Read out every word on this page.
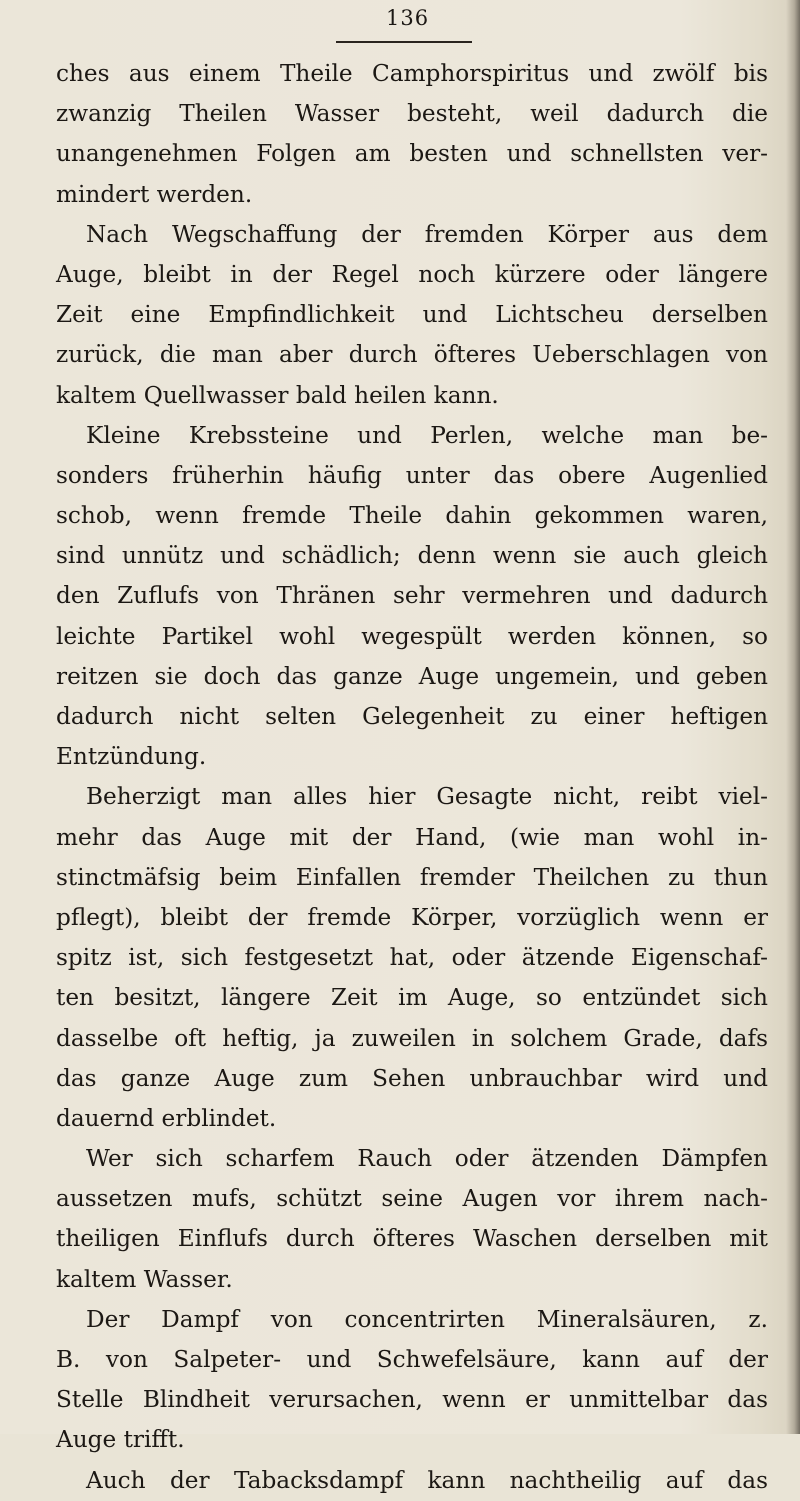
136
ches aus einem Theile Camphorspiritus und zwölf bis
zwanzig Theilen Wasser besteht, weil dadurch die
unangenehmen Folgen am besten und schnellsten ver-
mindert werden.
Nach Wegschaffung der fremden Körper aus dem
Auge, bleibt in der Regel noch kürzere oder längere
Zeit eine Empfindlichkeit und Lichtscheu derselben
zurück, die man aber durch öfteres Ueberschlagen von
kaltem Quellwasser bald heilen kann.
Kleine Krebssteine und Perlen, welche man be-
sonders früherhin häufig unter das obere Augenlied
schob, wenn fremde Theile dahin gekommen waren,
sind unnütz und schädlich; denn wenn sie auch gleich
den Zuflufs von Thränen sehr vermehren und dadurch
leichte Partikel wohl wegespült werden können, so
reitzen sie doch das ganze Auge ungemein, und geben
dadurch nicht selten Gelegenheit zu einer heftigen
Entzündung.
Beherzigt man alles hier Gesagte nicht, reibt viel-
mehr das Auge mit der Hand, (wie man wohl in-
stinctmäfsig beim Einfallen fremder Theilchen zu thun
pflegt), bleibt der fremde Körper, vorzüglich wenn er
spitz ist, sich festgesetzt hat, oder ätzende Eigenschaf-
ten besitzt, längere Zeit im Auge, so entzündet sich
dasselbe oft heftig, ja zuweilen in solchem Grade, dafs
das ganze Auge zum Sehen unbrauchbar wird und
dauernd erblindet.
Wer sich scharfem Rauch oder ätzenden Dämpfen
aussetzen mufs, schützt seine Augen vor ihrem nach-
theiligen Einflufs durch öfteres Waschen derselben mit
kaltem Wasser.
Der Dampf von concentrirten Mineralsäuren, z.
B. von Salpeter- und Schwefelsäure, kann auf der
Stelle Blindheit verursachen, wenn er unmittelbar das
Auge trifft.
Auch der Tabacksdampf kann nachtheilig auf das
